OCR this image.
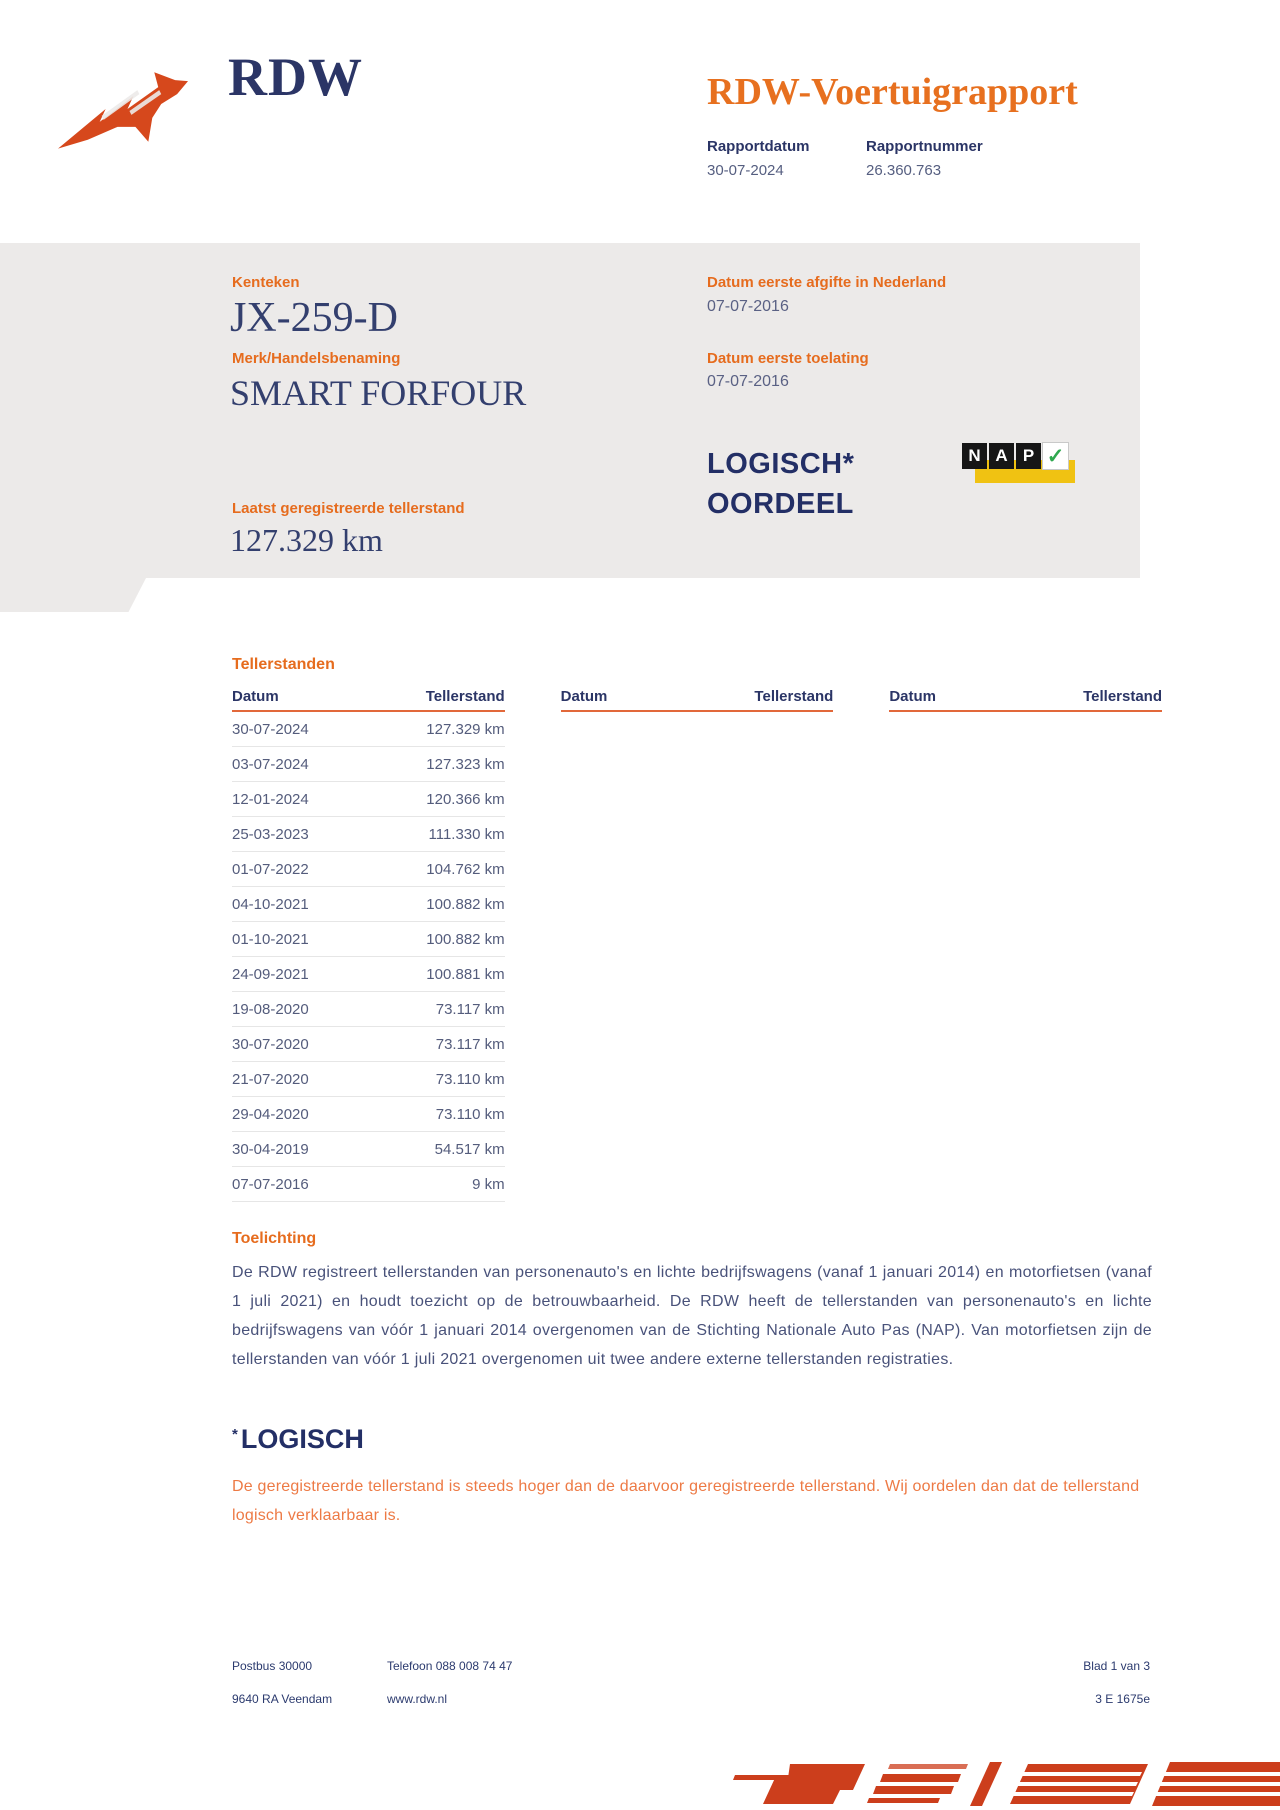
RDW	RDW-Voertuigrapport
Rapportdatum
30-07-2024
Rapportnummer
26.360.763
Kenteken
JX-259-D
Merk/Handelsbenaming
SMART FORFOUR
Laatst geregistreerde tellerstand
127.329 km
Datum eerste afgifte in Nederland
07-07-2016
Datum eerste toelating
07-07-2016
LOGISCH*
OORDEEL
N A P ✓
Tellerstanden
Datum	Tellerstand
30-07-2024	127.329 km
03-07-2024	127.323 km
12-01-2024	120.366 km
25-03-2023	111.330 km
01-07-2022	104.762 km
04-10-2021	100.882 km
01-10-2021	100.882 km
24-09-2021	100.881 km
19-08-2020	73.117 km
30-07-2020	73.117 km
21-07-2020	73.110 km
29-04-2020	73.110 km
30-04-2019	54.517 km
07-07-2016	9 km
Datum	Tellerstand	Datum	Tellerstand
Toelichting
De RDW registreert tellerstanden van personenauto's en lichte bedrijfswagens (vanaf 1 januari 2014) en motorfietsen (vanaf 1 juli 2021) en houdt toezicht op de betrouwbaarheid. De RDW heeft de tellerstanden van personenauto's en lichte bedrijfswagens van vóór 1 januari 2014 overgenomen van de Stichting Nationale Auto Pas (NAP). Van motorfietsen zijn de tellerstanden van vóór 1 juli 2021 overgenomen uit twee andere externe tellerstanden registraties.
* LOGISCH
De geregistreerde tellerstand is steeds hoger dan de daarvoor geregistreerde tellerstand. Wij oordelen dan dat de tellerstand logisch verklaarbaar is.
Postbus 30000
9640 RA Veendam
Telefoon 088 008 74 47
www.rdw.nl
Blad 1 van 3
3 E 1675e
